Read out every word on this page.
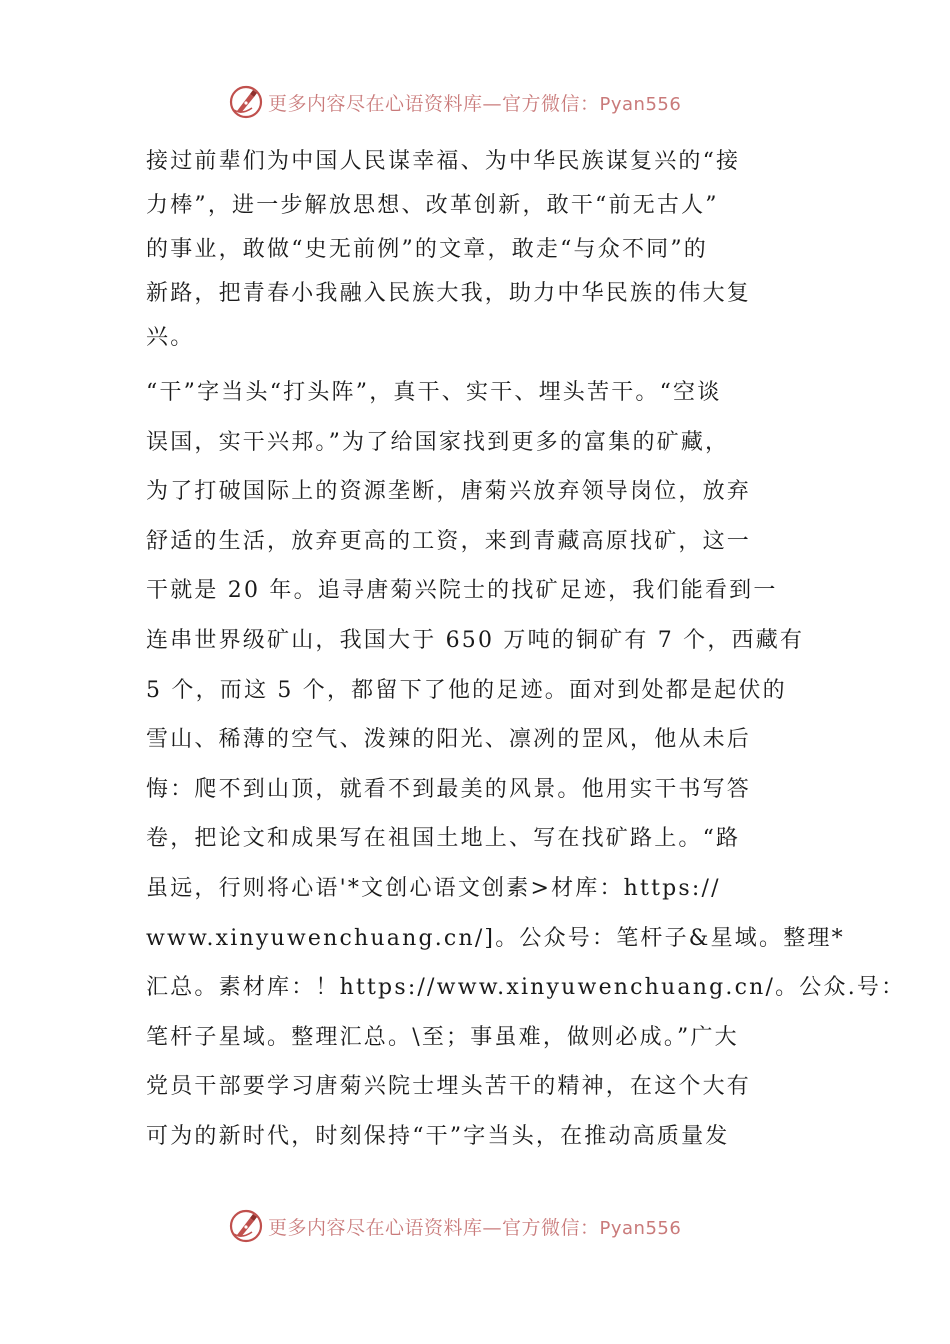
更多内容尽在心语资料库—官方微信：Pyan556

接过前辈们为中国人民谋幸福、为中华民族谋复兴的“接

力棒”，进一步解放思想、改革创新，敢干“前无古人”

的事业，敢做“史无前例”的文章，敢走“与众不同”的

新路，把青春小我融入民族大我，助力中华民族的伟大复

兴。

“干”字当头“打头阵”，真干、实干、埋头苦干。“空谈

误国，实干兴邦。”为了给国家找到更多的富集的矿藏，

为了打破国际上的资源垄断，唐菊兴放弃领导岗位，放弃

舒适的生活，放弃更高的工资，来到青藏高原找矿，这一

干就是 20 年。追寻唐菊兴院士的找矿足迹，我们能看到一

连串世界级矿山，我国大于 650 万吨的铜矿有 7 个，西藏有

5 个，而这 5 个，都留下了他的足迹。面对到处都是起伏的

雪山、稀薄的空气、泼辣的阳光、凛冽的罡风，他从未后

悔：爬不到山顶，就看不到最美的风景。他用实干书写答

卷，把论文和成果写在祖国土地上、写在找矿路上。“路

虽远，行则将心语'*文创心语文创素>材库：https://

www.xinyuwenchuang.cn/]。公众号：笔杆子&星域。整理*

汇总。素材库：！https://www.xinyuwenchuang.cn/。公众.号：

笔杆子星域。整理汇总。\至；事虽难，做则必成。”广大

党员干部要学习唐菊兴院士埋头苦干的精神，在这个大有

可为的新时代，时刻保持“干”字当头，在推动高质量发

更多内容尽在心语资料库—官方微信：Pyan556
